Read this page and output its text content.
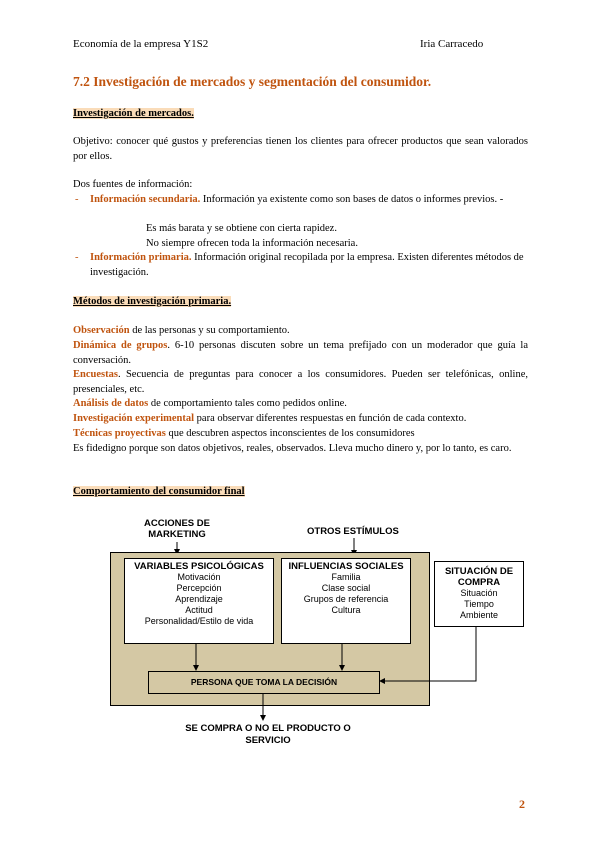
Economía de la empresa Y1S2	Iria Carracedo
7.2 Investigación de mercados y segmentación del consumidor.
Investigación de mercados.
Objetivo: conocer qué gustos y preferencias tienen los clientes para ofrecer productos que sean valorados por ellos.
Dos fuentes de información:
- Información secundaria. Información ya existente como son bases de datos o informes previos. -
Es más barata y se obtiene con cierta rapidez.
No siempre ofrecen toda la información necesaria.
- Información primaria. Información original recopilada por la empresa. Existen diferentes métodos de investigación.
Métodos de investigación primaria.
Observación de las personas y su comportamiento.
Dinámica de grupos. 6-10 personas discuten sobre un tema prefijado con un moderador que guía la conversación.
Encuestas. Secuencia de preguntas para conocer a los consumidores. Pueden ser telefónicas, online, presenciales, etc.
Análisis de datos de comportamiento tales como pedidos online.
Investigación experimental para observar diferentes respuestas en función de cada contexto.
Técnicas proyectivas que descubren aspectos inconscientes de los consumidores
Es fidedigno porque son datos objetivos, reales, observados. Lleva mucho dinero y, por lo tanto, es caro.
Comportamiento del consumidor final
ACCIONES DE MARKETING	OTROS ESTÍMULOS
VARIABLES PSICOLÓGICAS
Motivación
Percepción
Aprendizaje
Actitud
Personalidad/Estilo de vida
INFLUENCIAS SOCIALES
Familia
Clase social
Grupos de referencia
Cultura
SITUACIÓN DE COMPRA
Situación
Tiempo
Ambiente
PERSONA QUE TOMA LA DECISIÓN
SE COMPRA O NO EL PRODUCTO O SERVICIO
2
